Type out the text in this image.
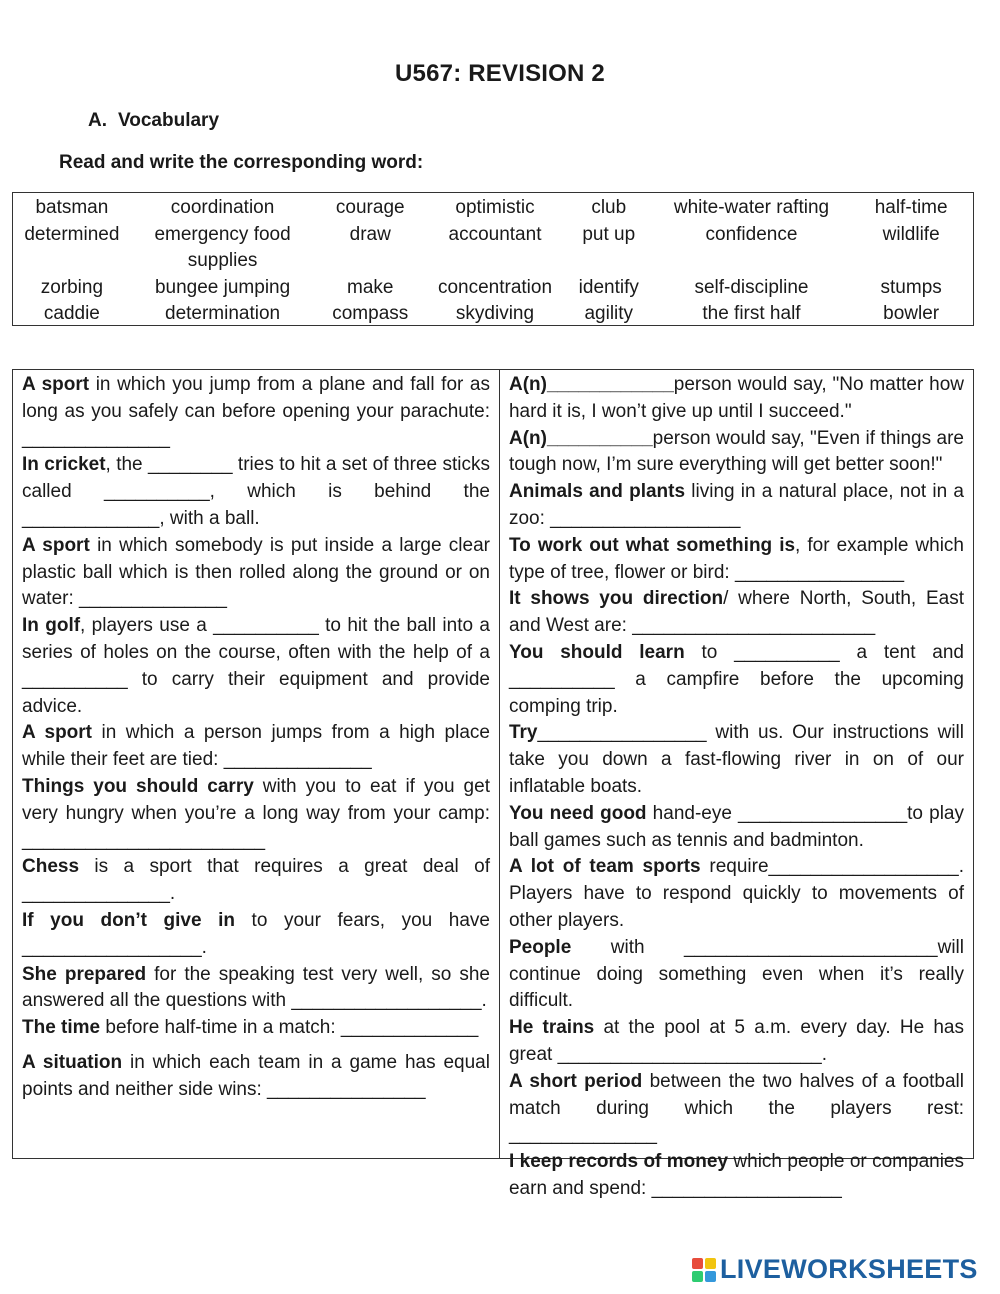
U567: REVISION 2
A. Vocabulary
Read and write the corresponding word:
batsman	coordination	courage	optimistic	club	white-water rafting	half-time
determined	emergency food	draw	accountant	put up	confidence	wildlife
supplies
zorbing	bungee jumping	make	concentration	identify	self-discipline	stumps
caddie	determination	compass	skydiving	agility	the first half	bowler

A sport in which you jump from a plane and fall for as long as you safely can before opening your parachute: ______________

In cricket, the ________ tries to hit a set of three sticks called __________, which is behind the _____________, with a ball.

A sport in which somebody is put inside a large clear plastic ball which is then rolled along the ground or on water: ______________

In golf, players use a __________ to hit the ball into a series of holes on the course, often with the help of a __________ to carry their equipment and provide advice.

A sport in which a person jumps from a high place while their feet are tied: ______________

Things you should carry with you to eat if you get very hungry when you’re a long way from your camp: _______________________

Chess is a sport that requires a great deal of ______________.

If you don’t give in to your fears, you have _________________.

She prepared for the speaking test very well, so she answered all the questions with __________________.

The time before half-time in a match: _____________

A situation in which each team in a game has equal points and neither side wins: _______________

A(n)____________person would say, "No matter how hard it is, I won’t give up until I succeed."

A(n)__________person would say, "Even if things are tough now, I’m sure everything will get better soon!"

Animals and plants living in a natural place, not in a zoo: __________________

To work out what something is, for example which type of tree, flower or bird: ________________

It shows you direction/ where North, South, East and West are: _______________________

You should learn to __________ a tent and __________ a campfire before the upcoming comping trip.

Try________________ with us. Our instructions will take you down a fast-flowing river in on of our inflatable boats.

You need good hand-eye ________________to play ball games such as tennis and badminton.

A lot of team sports require__________________. Players have to respond quickly to movements of other players.

People with ________________________will continue doing something even when it’s really difficult.

He trains at the pool at 5 a.m. every day. He has great _________________________.

A short period between the two halves of a football match during which the players rest: ______________

I keep records of money which people or companies earn and spend: __________________

LIVEWORKSHEETS
